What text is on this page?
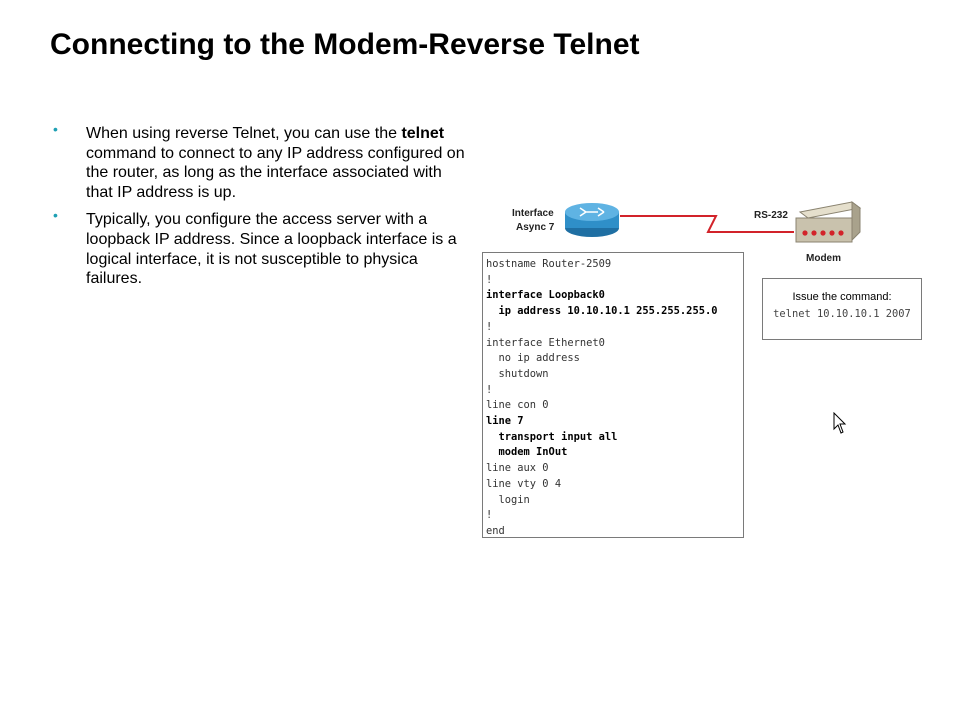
Connecting to the Modem-Reverse Telnet
• When using reverse Telnet, you can use the telnet command to connect to any IP address configured on the router, as long as the interface associated with that IP address is up.
• Typically, you configure the access server with a loopback IP address. Since a loopback interface is a logical interface, it is not susceptible to physica failures.
Interface
Async 7
RS-232
Modem
hostname Router-2509
!
interface Loopback0
ip address 10.10.10.1 255.255.255.0
!
interface Ethernet0
no ip address
shutdown
!
line con 0
line 7
transport input all
modem InOut
line aux 0
line vty 0 4
login
!
end
Issue the command:
telnet 10.10.10.1 2007
